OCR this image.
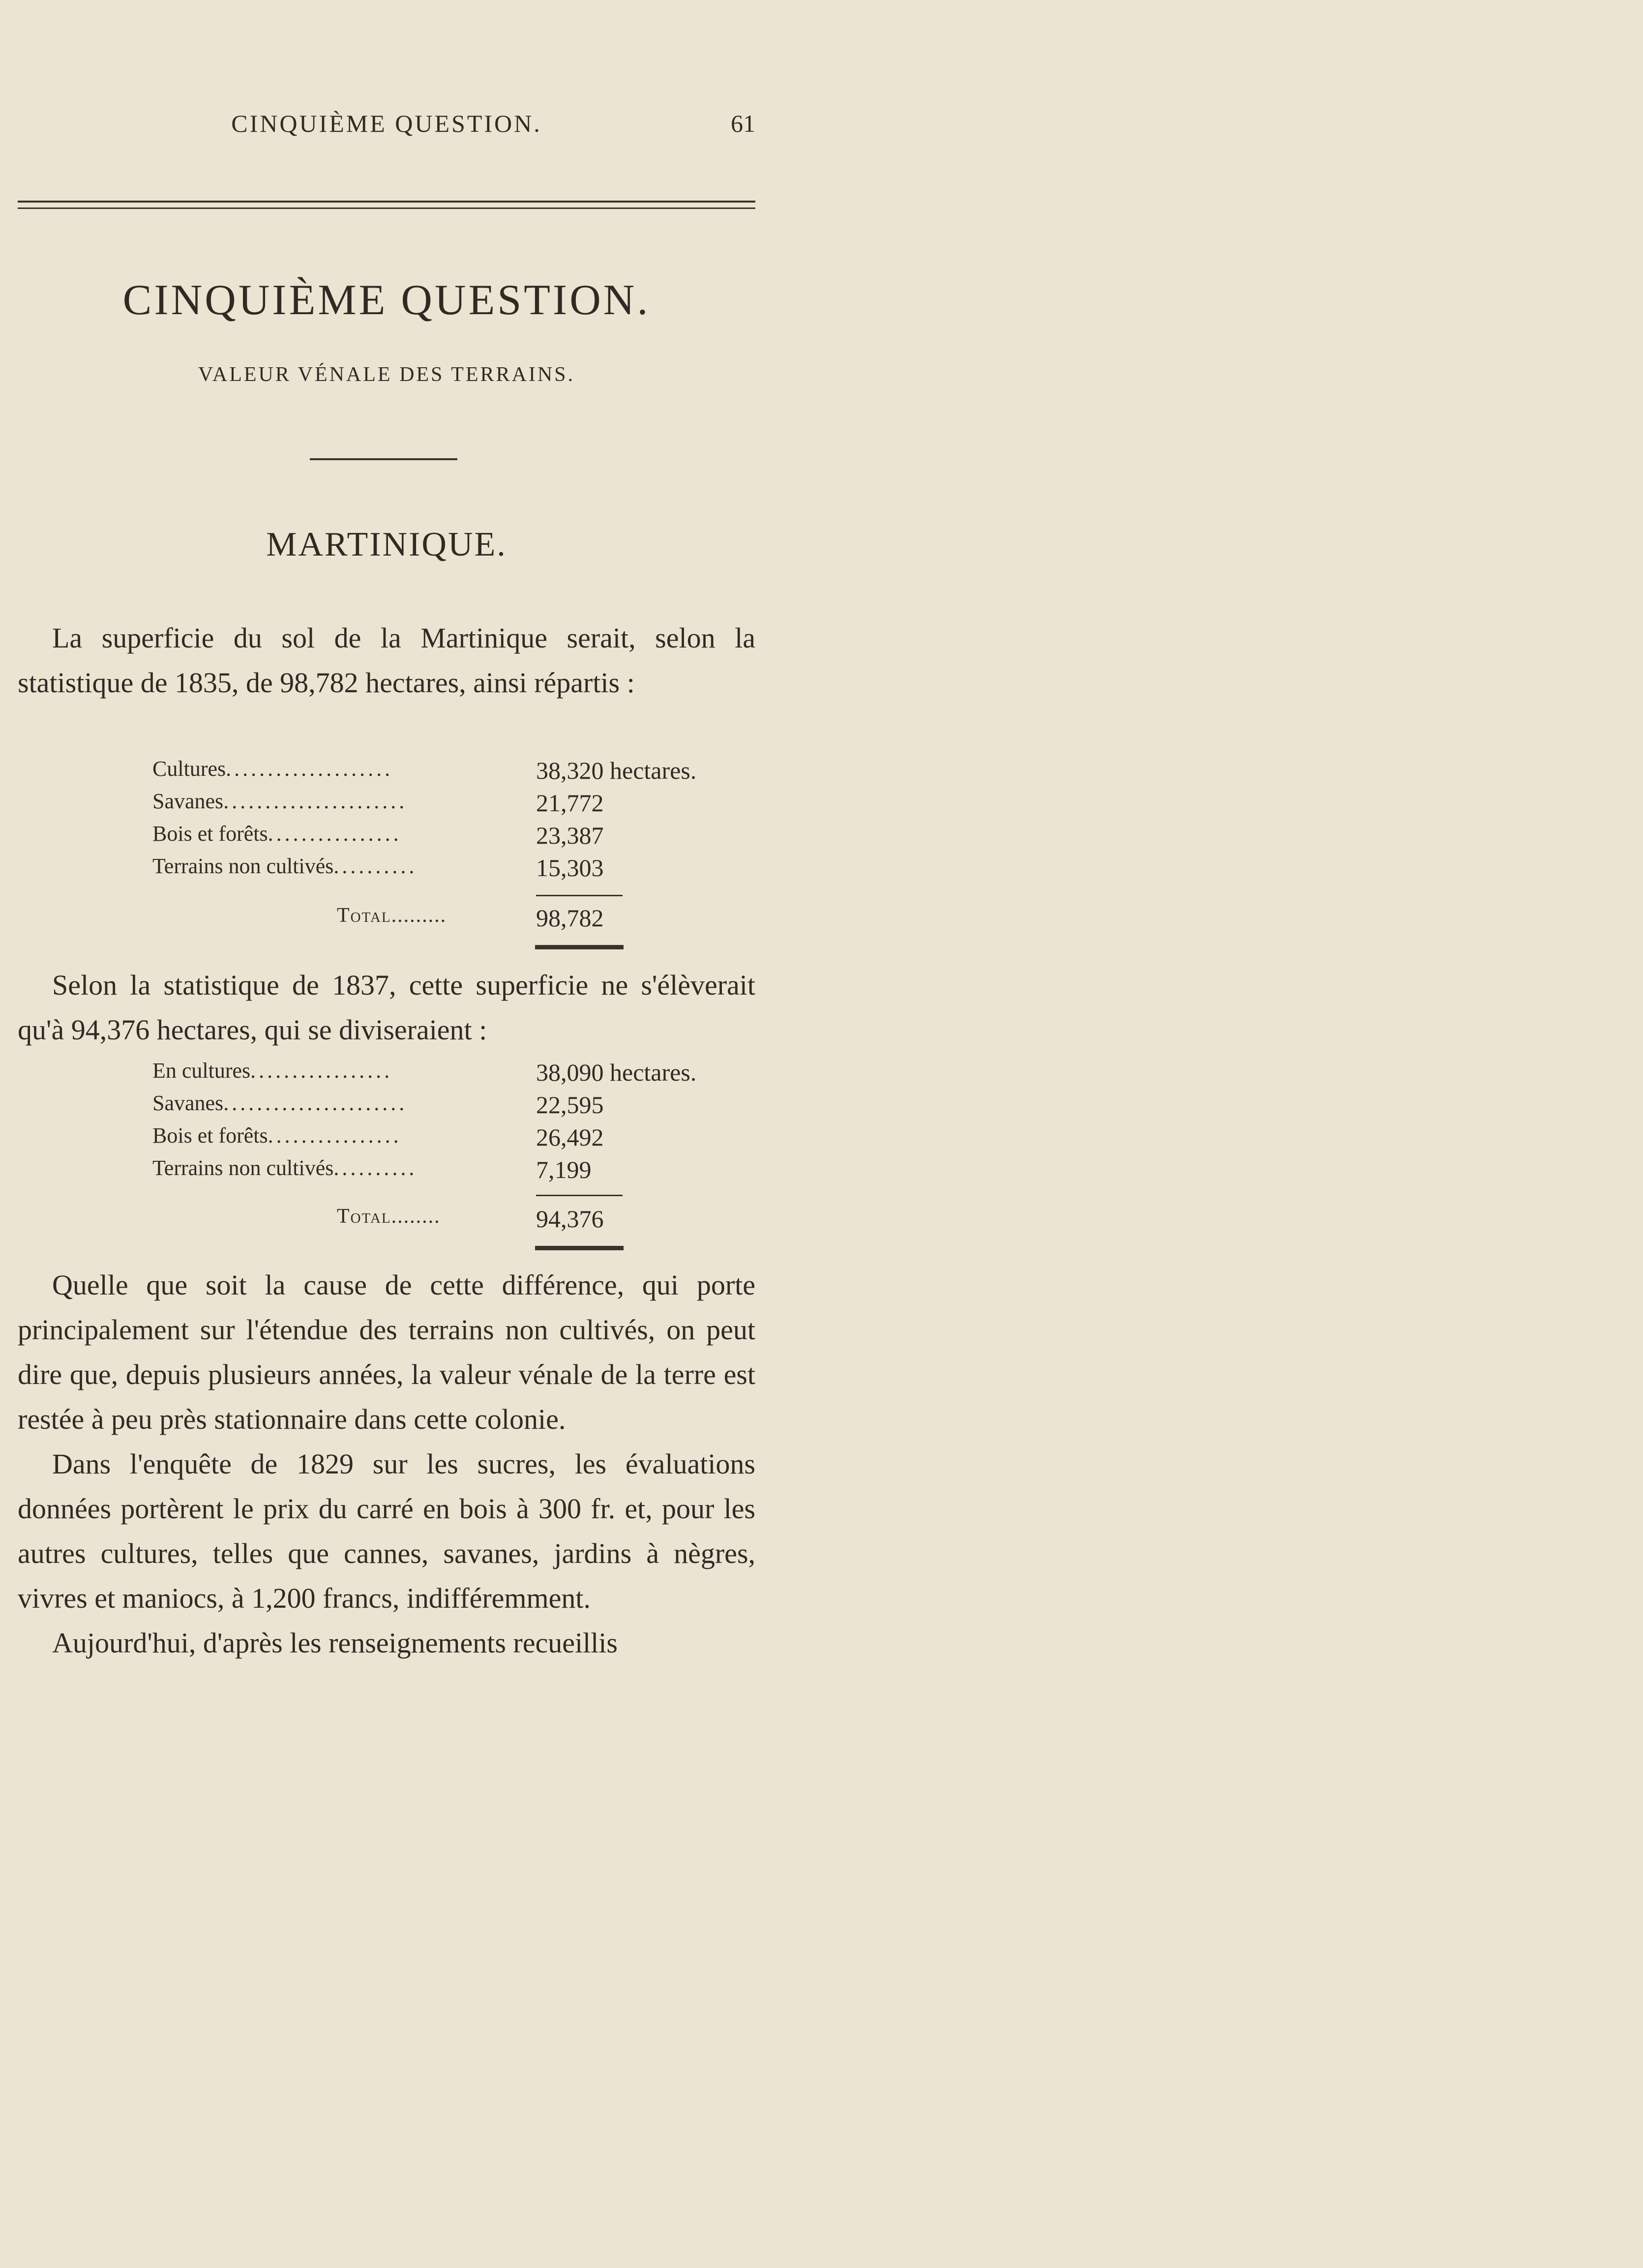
CINQUIÈME QUESTION.	61
CINQUIÈME QUESTION.
VALEUR VÉNALE DES TERRAINS.
MARTINIQUE.

La superficie du sol de la Martinique serait, selon la statistique de 1835, de 98,782 hectares, ainsi répartis :

Cultures....................	38,320 hectares.
Savanes......................	21,772
Bois et forêts................	23,387
Terrains non cultivés..........	15,303
Total.........	98,782

Selon la statistique de 1837, cette superficie ne s'élèverait qu'à 94,376 hectares, qui se diviseraient :

En cultures.................	38,090 hectares.
Savanes......................	22,595
Bois et forêts................	26,492
Terrains non cultivés..........	7,199
Total........	94,376

Quelle que soit la cause de cette différence, qui porte principalement sur l'étendue des terrains non cultivés, on peut dire que, depuis plusieurs années, la valeur vénale de la terre est restée à peu près stationnaire dans cette colonie.

Dans l'enquête de 1829 sur les sucres, les évaluations données portèrent le prix du carré en bois à 300 fr. et, pour les autres cultures, telles que cannes, savanes, jardins à nègres, vivres et maniocs, à 1,200 francs, indifféremment.

Aujourd'hui, d'après les renseignements recueillis
